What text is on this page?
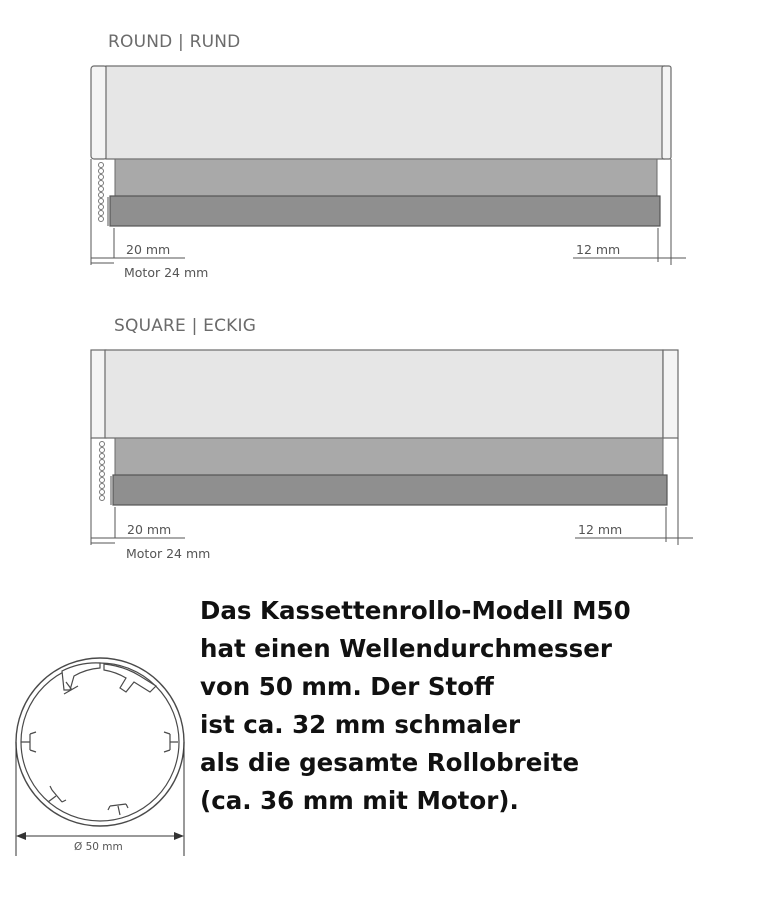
ROUND | RUND
20 mm	12 mm
Motor 24 mm
SQUARE | ECKIG
20 mm	12 mm
Motor 24 mm
Ø 50 mm
Das Kassettenrollo-Modell M50
hat einen Wellendurchmesser
von 50 mm. Der Stoff
ist ca. 32 mm schmaler
als die gesamte Rollobreite
(ca. 36 mm mit Motor).
